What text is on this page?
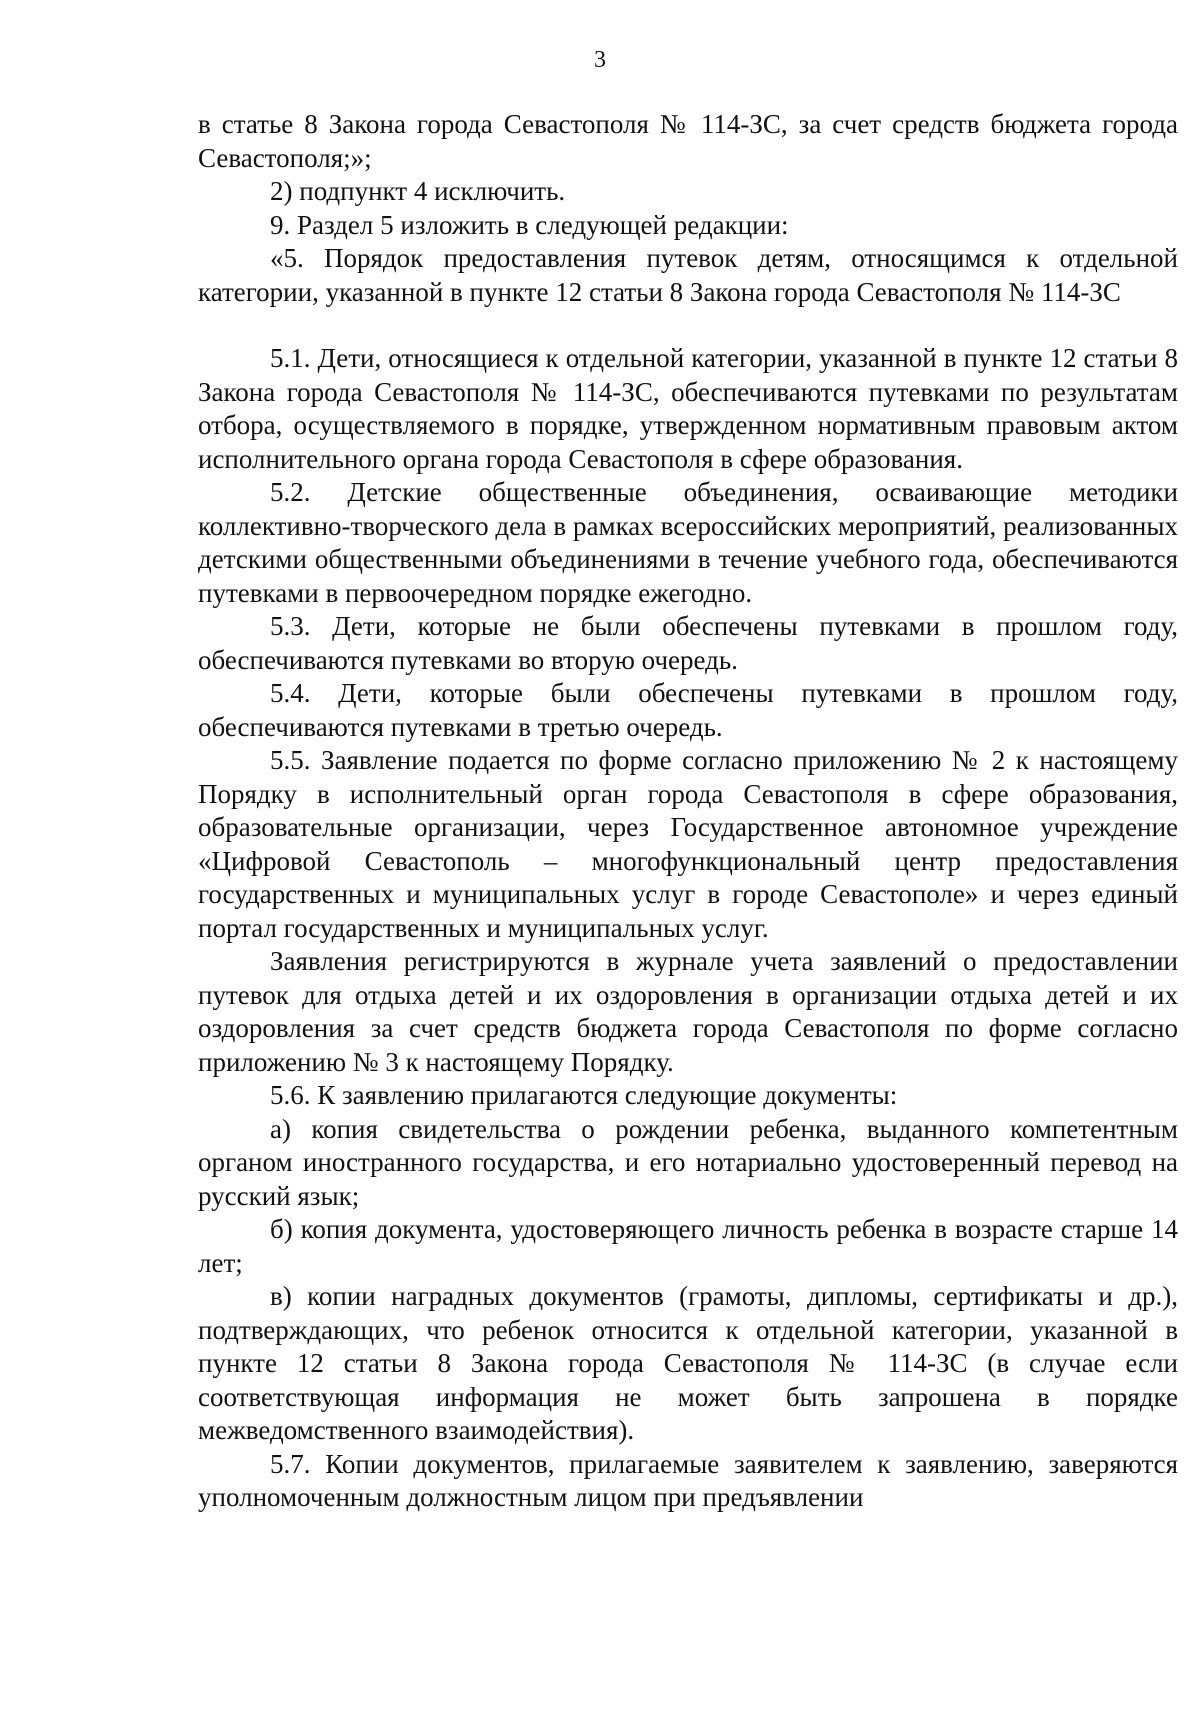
3

в статье 8 Закона города Севастополя № 114-ЗС, за счет средств бюджета города Севастополя;»;

2) подпункт 4 исключить.

9. Раздел 5 изложить в следующей редакции:

«5. Порядок предоставления путевок детям, относящимся к отдельной категории, указанной в пункте 12 статьи 8 Закона города Севастополя № 114-ЗС

5.1. Дети, относящиеся к отдельной категории, указанной в пункте 12 статьи 8 Закона города Севастополя № 114-ЗС, обеспечиваются путевками по результатам отбора, осуществляемого в порядке, утвержденном нормативным правовым актом исполнительного органа города Севастополя в сфере образования.

5.2. Детские общественные объединения, осваивающие методики коллективно-творческого дела в рамках всероссийских мероприятий, реализованных детскими общественными объединениями в течение учебного года, обеспечиваются путевками в первоочередном порядке ежегодно.

5.3. Дети, которые не были обеспечены путевками в прошлом году, обеспечиваются путевками во вторую очередь.

5.4. Дети, которые были обеспечены путевками в прошлом году, обеспечиваются путевками в третью очередь.

5.5. Заявление подается по форме согласно приложению № 2 к настоящему Порядку в исполнительный орган города Севастополя в сфере образования, образовательные организации, через Государственное автономное учреждение «Цифровой Севастополь – многофункциональный центр предоставления государственных и муниципальных услуг в городе Севастополе» и через единый портал государственных и муниципальных услуг.

Заявления регистрируются в журнале учета заявлений о предоставлении путевок для отдыха детей и их оздоровления в организации отдыха детей и их оздоровления за счет средств бюджета города Севастополя по форме согласно приложению № 3 к настоящему Порядку.

5.6. К заявлению прилагаются следующие документы:

а) копия свидетельства о рождении ребенка, выданного компетентным органом иностранного государства, и его нотариально удостоверенный перевод на русский язык;

б) копия документа, удостоверяющего личность ребенка в возрасте старше 14 лет;

в) копии наградных документов (грамоты, дипломы, сертификаты и др.), подтверждающих, что ребенок относится к отдельной категории, указанной в пункте 12 статьи 8 Закона города Севастополя № 114-ЗС (в случае если соответствующая информация не может быть запрошена в порядке межведомственного взаимодействия).

5.7. Копии документов, прилагаемые заявителем к заявлению, заверяются уполномоченным должностным лицом при предъявлении
